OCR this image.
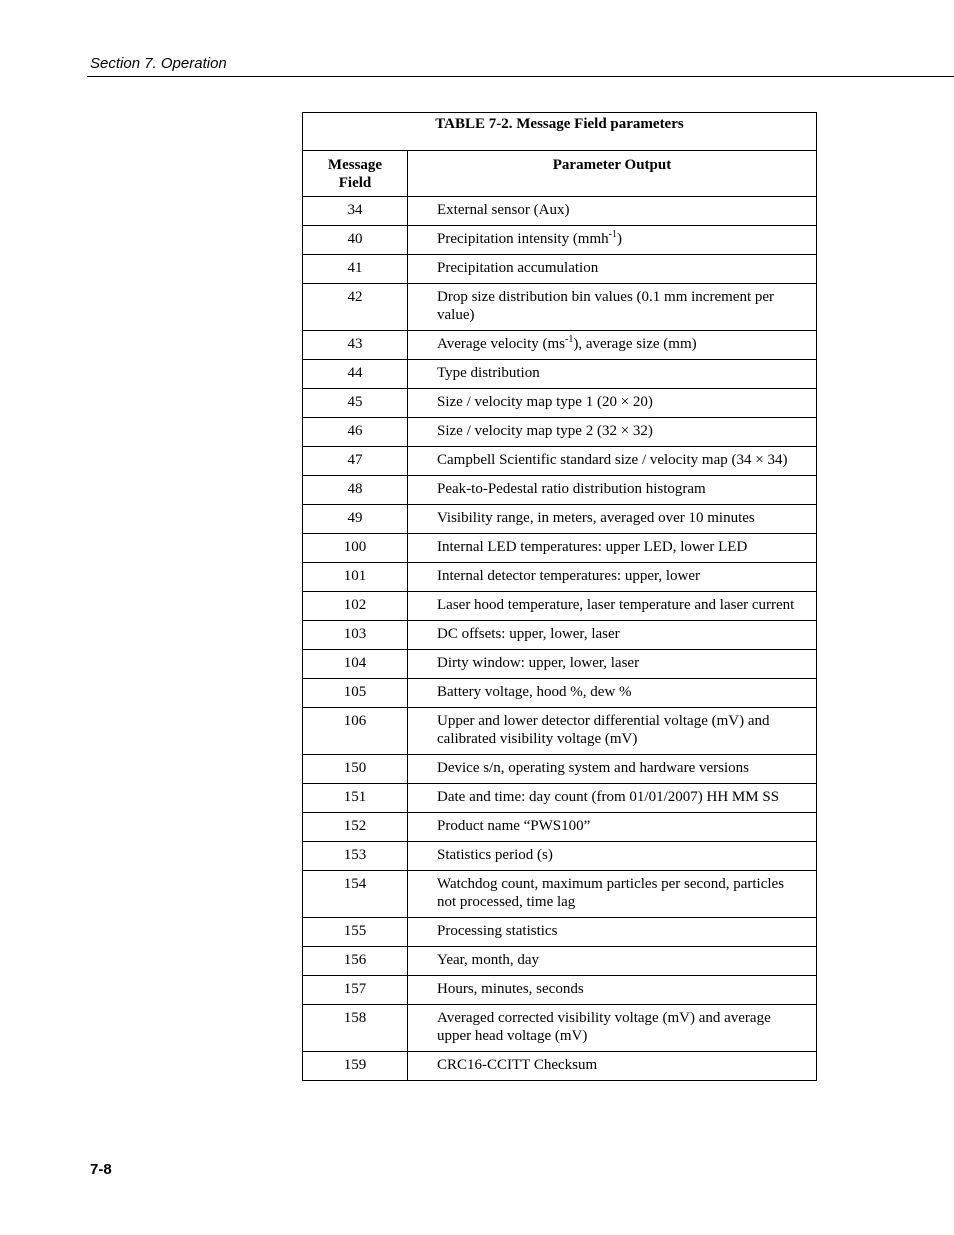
Section 7. Operation
TABLE 7-2. Message Field parameters	
Message Field	Parameter Output
34	External sensor (Aux)
40	Precipitation intensity (mmh$^{-1}$)
41	Precipitation accumulation
42	Drop size distribution bin values (0.1 mm increment per value)
43	Average velocity $(ms^{-1})$, average size (mm)
44	Type distribution
45	Size / velocity map type 1 (20 × 20)
46	Size / velocity map type 2 (32 × 32)
47	Campbell Scientific standard size / velocity map (34 × 34)
48	Peak-to-Pedestal ratio distribution histogram
49	Visibility range, in meters, averaged over 10 minutes
100	Internal LED temperatures: upper LED, lower LED
101	Internal detector temperatures: upper, lower
102	Laser hood temperature, laser temperature and laser current
103	DC offsets: upper, lower, laser
104	Dirty window: upper, lower, laser
105	Battery voltage, hood %, dew %
106	Upper and lower detector differential voltage (mV) and calibrated visibility voltage (mV)
150	Device s/n, operating system and hardware versions
151	Date and time: day count (from 01/01/2007) HH MM SS
152	Product name “PWS100”
153	Statistics period (s)
154	Watchdog count, maximum particles per second, particles not processed, time lag
155	Processing statistics
156	Year, month, day
157	Hours, minutes, seconds
158	Averaged corrected visibility voltage (mV) and average upper head voltage (mV)
159	CRC16-CCITT Checksum
7-8
